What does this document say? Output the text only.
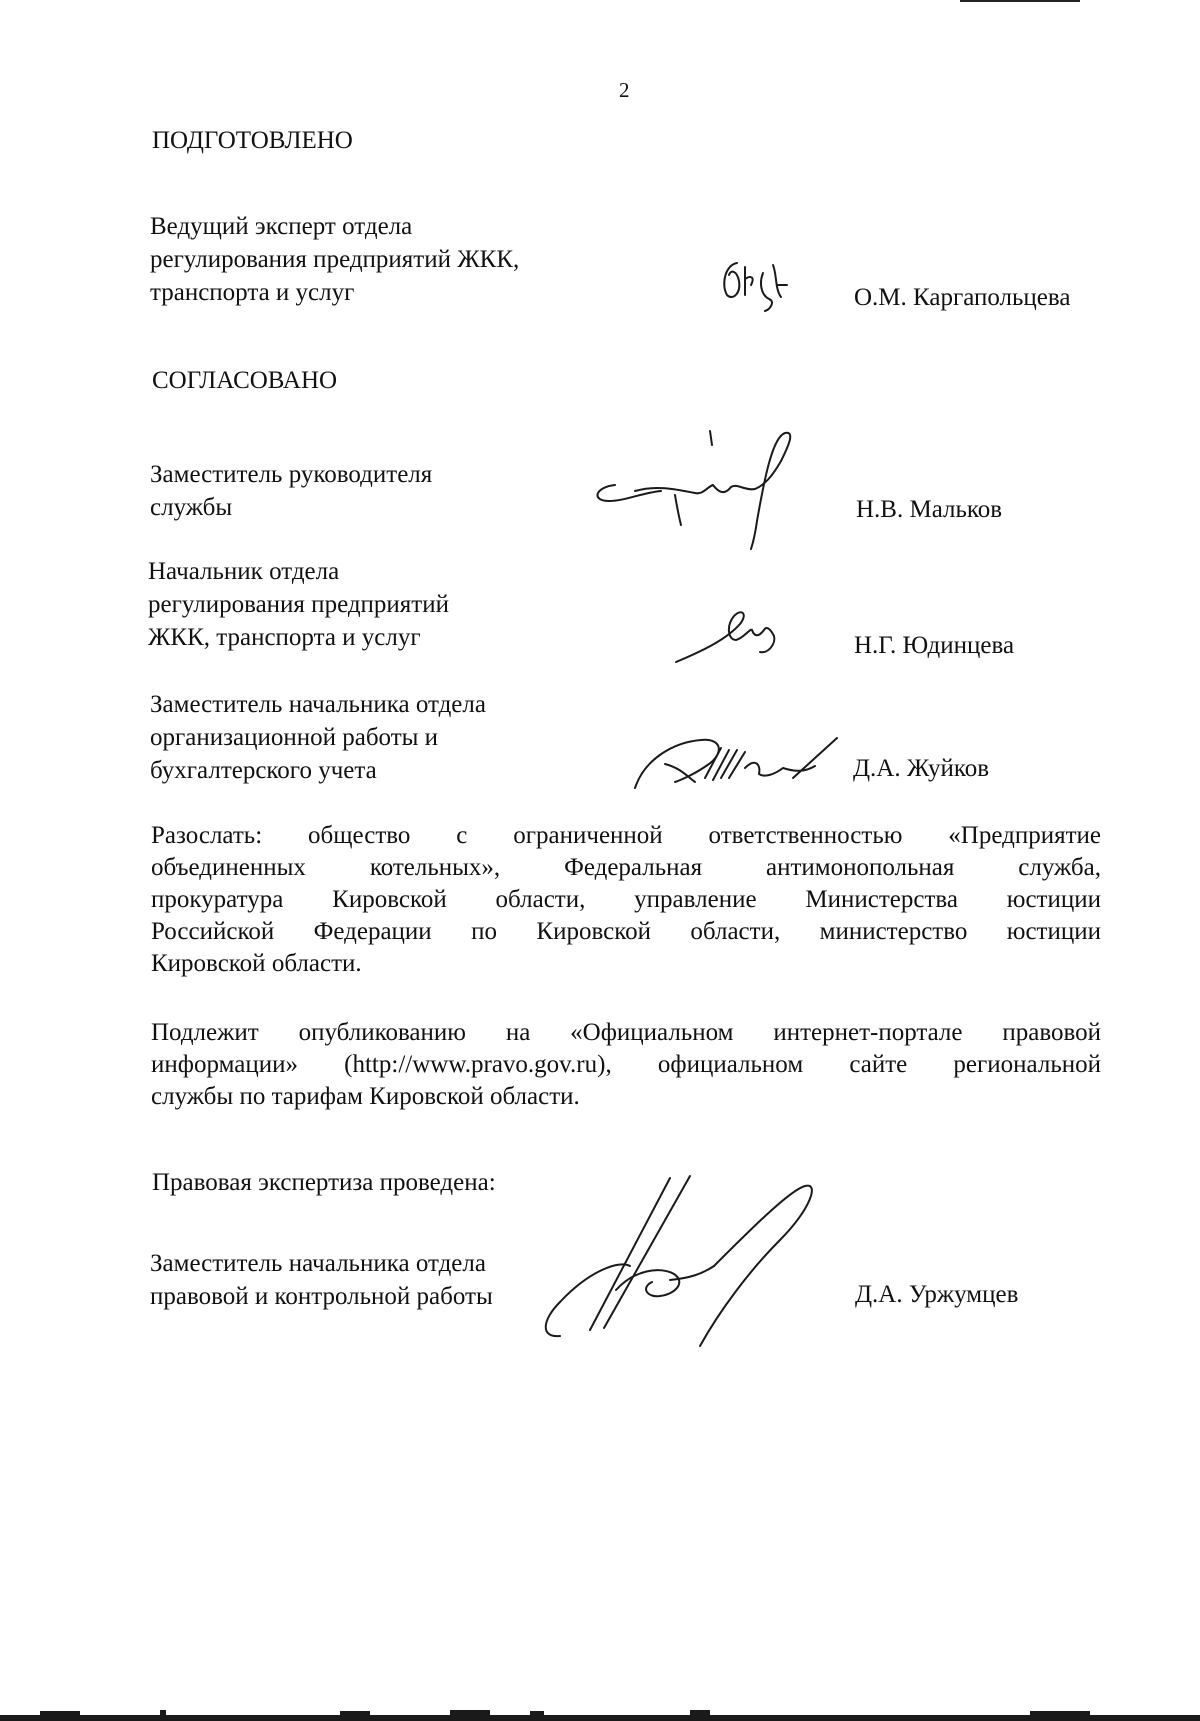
2
ПОДГОТОВЛЕНО
Ведущий эксперт отдела
регулирования предприятий ЖКК,
транспорта и услуг	О.М. Каргапольцева
СОГЛАСОВАНО
Заместитель руководителя
службы	Н.В. Мальков
Начальник отдела
регулирования предприятий
ЖКК, транспорта и услуг	Н.Г. Юдинцева
Заместитель начальника отдела
организационной работы и
бухгалтерского учета	Д.А. Жуйков
Разослать: общество с ограниченной ответственностью «Предприятие
объединенных котельных», Федеральная антимонопольная служба,
прокуратура Кировской области, управление Министерства юстиции
Российской Федерации по Кировской области, министерство юстиции
Кировской области.
Подлежит опубликованию на «Официальном интернет-портале правовой
информации» (http://www.pravo.gov.ru), официальном сайте региональной
службы по тарифам Кировской области.
Правовая экспертиза проведена:
Заместитель начальника отдела
правовой и контрольной работы	Д.А. Уржумцев
